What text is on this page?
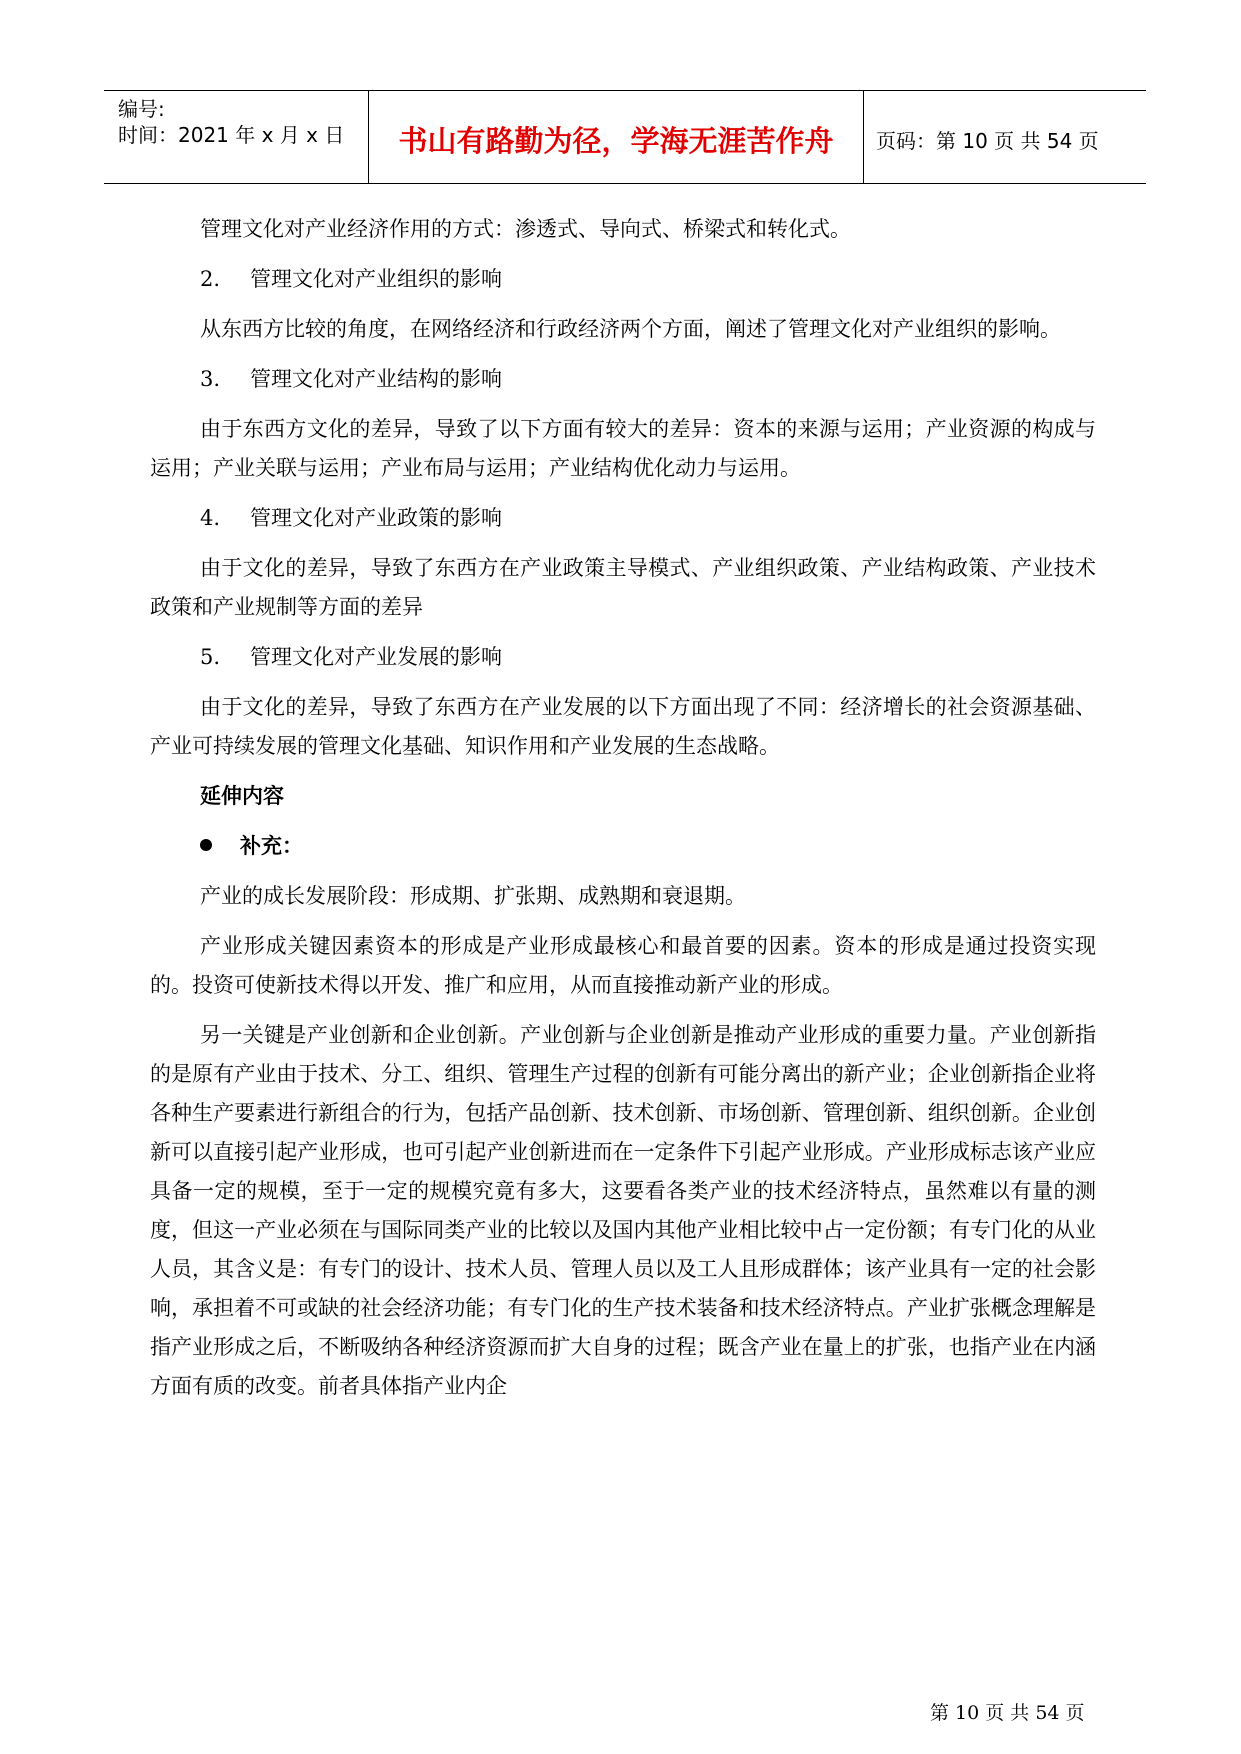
编号:
时间：2021 年 x 月 x 日	书山有路勤为径，学海无涯苦作舟	页码：第 10 页 共 54 页

管理文化对产业经济作用的方式：渗透式、导向式、桥梁式和转化式。

2. 管理文化对产业组织的影响

从东西方比较的角度，在网络经济和行政经济两个方面，阐述了管理文化对产业组织的影响。

3. 管理文化对产业结构的影响

由于东西方文化的差异，导致了以下方面有较大的差异：资本的来源与运用；产业资源的构成与运用；产业关联与运用；产业布局与运用；产业结构优化动力与运用。

4. 管理文化对产业政策的影响

由于文化的差异，导致了东西方在产业政策主导模式、产业组织政策、产业结构政策、产业技术政策和产业规制等方面的差异

5. 管理文化对产业发展的影响

由于文化的差异，导致了东西方在产业发展的以下方面出现了不同：经济增长的社会资源基础、产业可持续发展的管理文化基础、知识作用和产业发展的生态战略。

延伸内容
补充：

产业的成长发展阶段：形成期、扩张期、成熟期和衰退期。

产业形成关键因素资本的形成是产业形成最核心和最首要的因素。资本的形成是通过投资实现的。投资可使新技术得以开发、推广和应用，从而直接推动新产业的形成。

另一关键是产业创新和企业创新。产业创新与企业创新是推动产业形成的重要力量。产业创新指的是原有产业由于技术、分工、组织、管理生产过程的创新有可能分离出的新产业；企业创新指企业将各种生产要素进行新组合的行为，包括产品创新、技术创新、市场创新、管理创新、组织创新。企业创新可以直接引起产业形成，也可引起产业创新进而在一定条件下引起产业形成。产业形成标志该产业应具备一定的规模，至于一定的规模究竟有多大，这要看各类产业的技术经济特点，虽然难以有量的测度，但这一产业必须在与国际同类产业的比较以及国内其他产业相比较中占一定份额；有专门化的从业人员，其含义是：有专门的设计、技术人员、管理人员以及工人且形成群体；该产业具有一定的社会影响，承担着不可或缺的社会经济功能；有专门化的生产技术装备和技术经济特点。产业扩张概念理解是指产业形成之后，不断吸纳各种经济资源而扩大自身的过程；既含产业在量上的扩张，也指产业在内涵方面有质的改变。前者具体指产业内企

第 10 页 共 54 页
